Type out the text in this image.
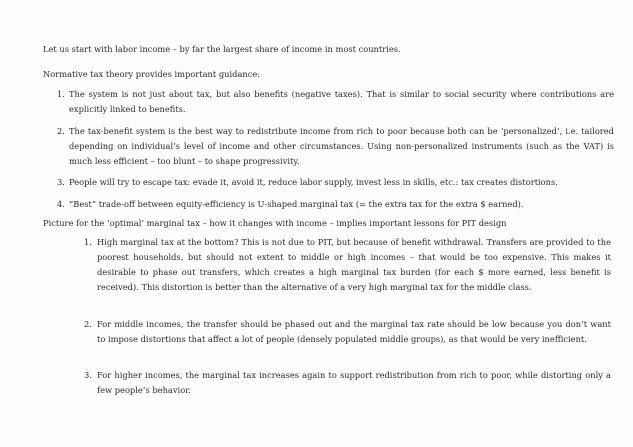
Let us start with labor income – by far the largest share of income in most countries.
Normative tax theory provides important guidance:
1. The system is not just about tax, but also benefits (negative taxes). That is similar to social security where contributions are explicitly linked to benefits.
2. The tax-benefit system is the best way to redistribute income from rich to poor because both can be ‘personalized’, i.e. tailored depending on individual’s level of income and other circumstances. Using non-personalized instruments (such as the VAT) is much less efficient – too blunt – to shape progressivity.
3. People will try to escape tax: evade it, avoid it, reduce labor supply, invest less in skills, etc.: tax creates distortions.
4. “Best” trade-off between equity-efficiency is U-shaped marginal tax (= the extra tax for the extra $ earned).
Picture for the ‘optimal’ marginal tax – how it changes with income – implies important lessons for PIT design
1. High marginal tax at the bottom? This is not due to PIT, but because of benefit withdrawal. Transfers are provided to the poorest households, but should not extent to middle or high incomes – that would be too expensive. This makes it desirable to phase out transfers, which creates a high marginal tax burden (for each $ more earned, less benefit is received). This distortion is better than the alternative of a very high marginal tax for the middle class.
2. For middle incomes, the transfer should be phased out and the marginal tax rate should be low because you don’t want to impose distortions that affect a lot of people (densely populated middle groups), as that would be very inefficient.
3. For higher incomes, the marginal tax increases again to support redistribution from rich to poor, while distorting only a few people’s behavior.
